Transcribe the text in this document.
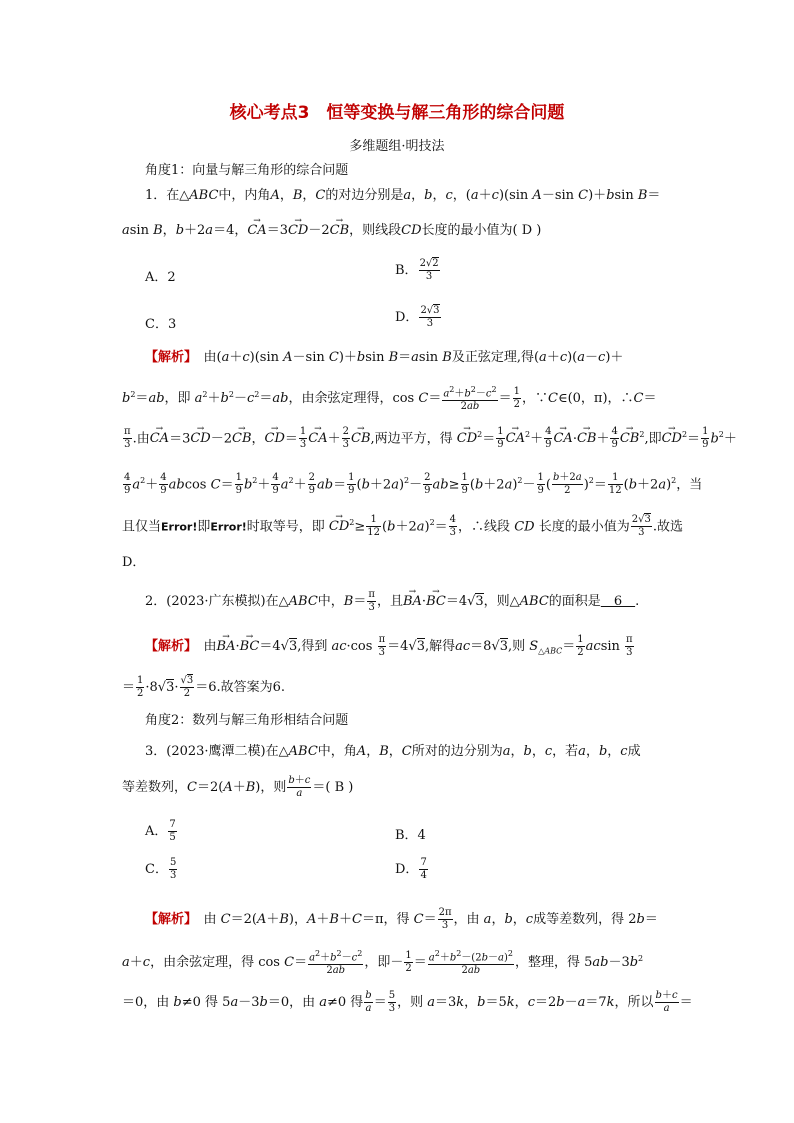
核心考点3　恒等变换与解三角形的综合问题
多维题组·明技法
角度1：向量与解三角形的综合问题
1．在△ABC中，内角A，B，C的对边分别是a，b，c，(a＋c)(sin A－sin C)＋bsin B＝
asin B，b＋2a＝4，→ CA＝3→ CD－2→ CB，则线段CD长度的最小值为( D )
A．2	B． $\frac{2√2}{3}$
C．3	D． $\frac{2√3}{3}$
【解析】　由(a＋c)(sin A－sin C)＋bsin B＝asin B及正弦定理,得(a＋c)(a－c)＋
$b^2=ab$，即 $a^2+b^2-c^2=ab$，由余弦定理得，$\cos C= \frac{a^2+b^2-c^2}{2ab} = \frac{1}{2}$ ，∵C∈(0，π)，∴C＝
$\frac{\pi}{3}$ .由→ CA＝3→ CD－2→ CB，→ $CD= \frac{1}{3}$
→ $CA+ \frac{2}{3}$
→ CB,两边平方，得 → $CD^2= \frac{1}{9}$
→ $CA^2+ \frac{4}{9}$
→ $CA\cdot\to CB+ \frac{4}{9}$
→ $CB^2$,即→ $CD^2= \frac{1}{9} b^2+$
$\frac{4}{9} a^2+ \frac{4}{9}$ abcos $C= \frac{1}{9} b^2+ \frac{4}{9} a^2+ \frac{2}{9} ab= \frac{1}{9} (b+2a)^2- \frac{2}{9} ab\ge \frac{1}{9} (b+2a)^2- \frac{1}{9}$ ( $\frac{b+2a}{2} )^2= \frac{1}{12} (b+2a)^2$，当
且仅当Error!即Error!时取等号，即 → $CD^2\ge \frac{1}{12} (b+2a)^2= \frac{4}{3}$ ，∴线段 CD 长度的最小值为 $\frac{2√3}{3}$ .故选
D．
2．(2023·广东模拟)在△ABC中，$B= \frac{\pi}{3}$ ，且→ BA·→ BC＝4√3，则△ABC的面积是　6　.
【解析】　由→ BA·→ BC＝4√3,得到 $ac\cdot\cos \frac{\pi}{3} =4√3$,解得ac＝8√3,则 $S_{\triangle ABC}= \frac{1}{2}$ acsin $\frac{\pi}{3}$
＝ $\frac{1}{2} \cdot 8√3\cdot \frac{√3}{2} =6$.故答案为6.
角度2：数列与解三角形相结合问题
3．(2023·鹰潭二模)在△ABC中，角A，B，C所对的边分别为a，b，c，若a，b，c成
等差数列，C＝2(A＋B)，则 $\frac{b+c}{a}$ ＝( B )
A． $\frac{7}{5}$	B．4
C． $\frac{5}{3}$	D． $\frac{7}{4}$
【解析】　由 C＝2(A＋B)，A＋B＋C＝π，得 $C= \frac{2\pi}{3}$ ，由 a，b，c成等差数列，得 2b＝
a＋c，由余弦定理，得 $\cos C= \frac{a^2+b^2-c^2}{2ab}$ ，即－ $\frac{1}{2} = \frac{a^2+b^2-(2b-a)^2}{2ab}$ ，整理，得 $5ab-3b^2$
＝0，由 b≠0 得 5a－3b＝0，由 a≠0 得 $\frac{b}{a} = \frac{5}{3}$ ，则 a＝3k，b＝5k，c＝2b－a＝7k，所以 $\frac{b+c}{a}$ ＝
